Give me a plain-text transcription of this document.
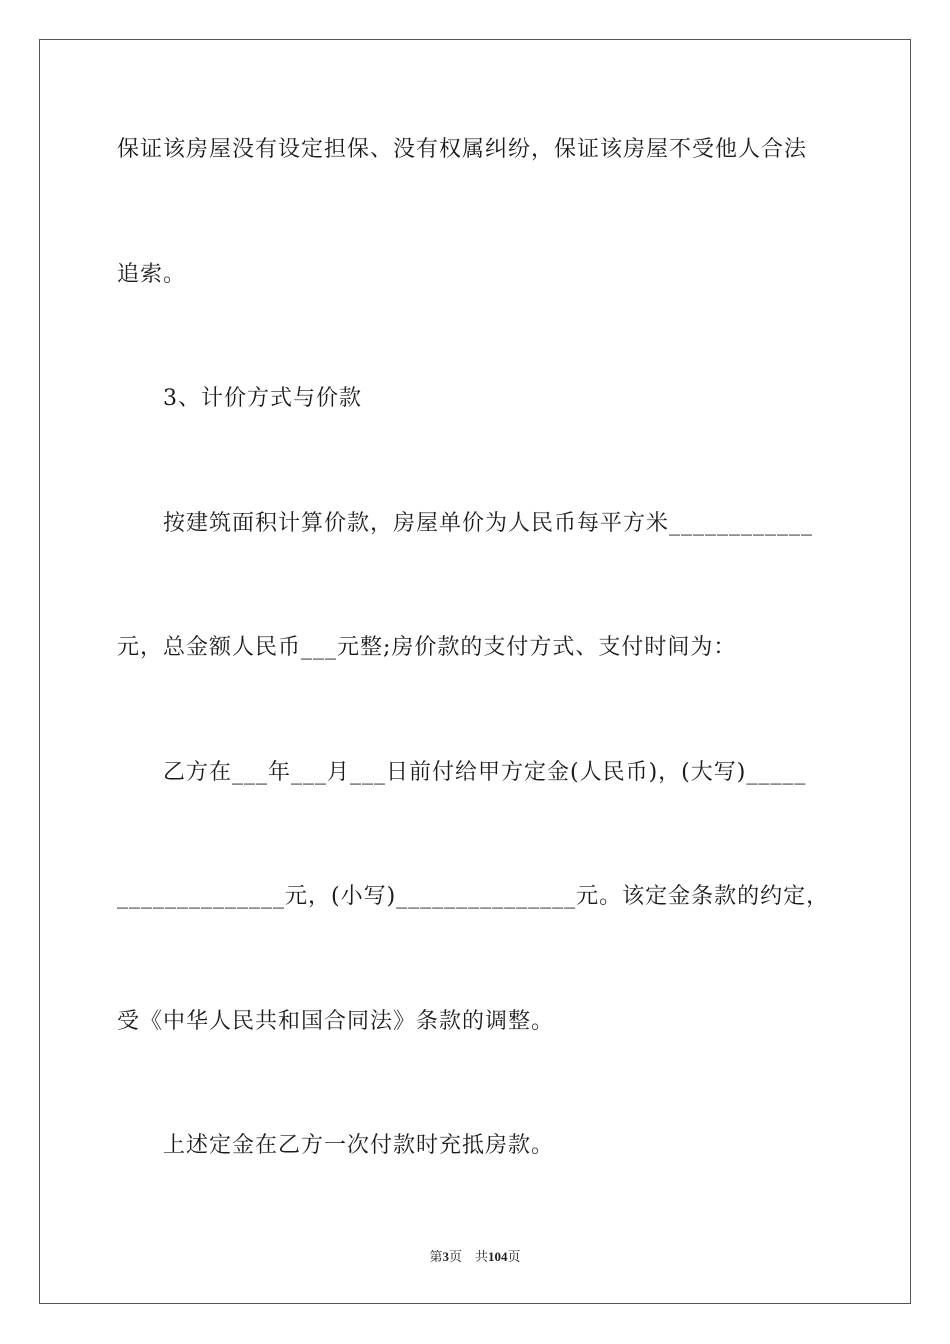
保证该房屋没有设定担保、没有权属纠纷，保证该房屋不受他人合法
追索。
3、计价方式与价款
按建筑面积计算价款，房屋单价为人民币每平方米____________
元，总金额人民币___元整;房价款的支付方式、支付时间为：
乙方在___年___月___日前付给甲方定金(人民币)，(大写)_____
______________元，(小写)_______________元。该定金条款的约定，
受《中华人民共和国合同法》条款的调整。
上述定金在乙方一次付款时充抵房款。
第3页　共104页
